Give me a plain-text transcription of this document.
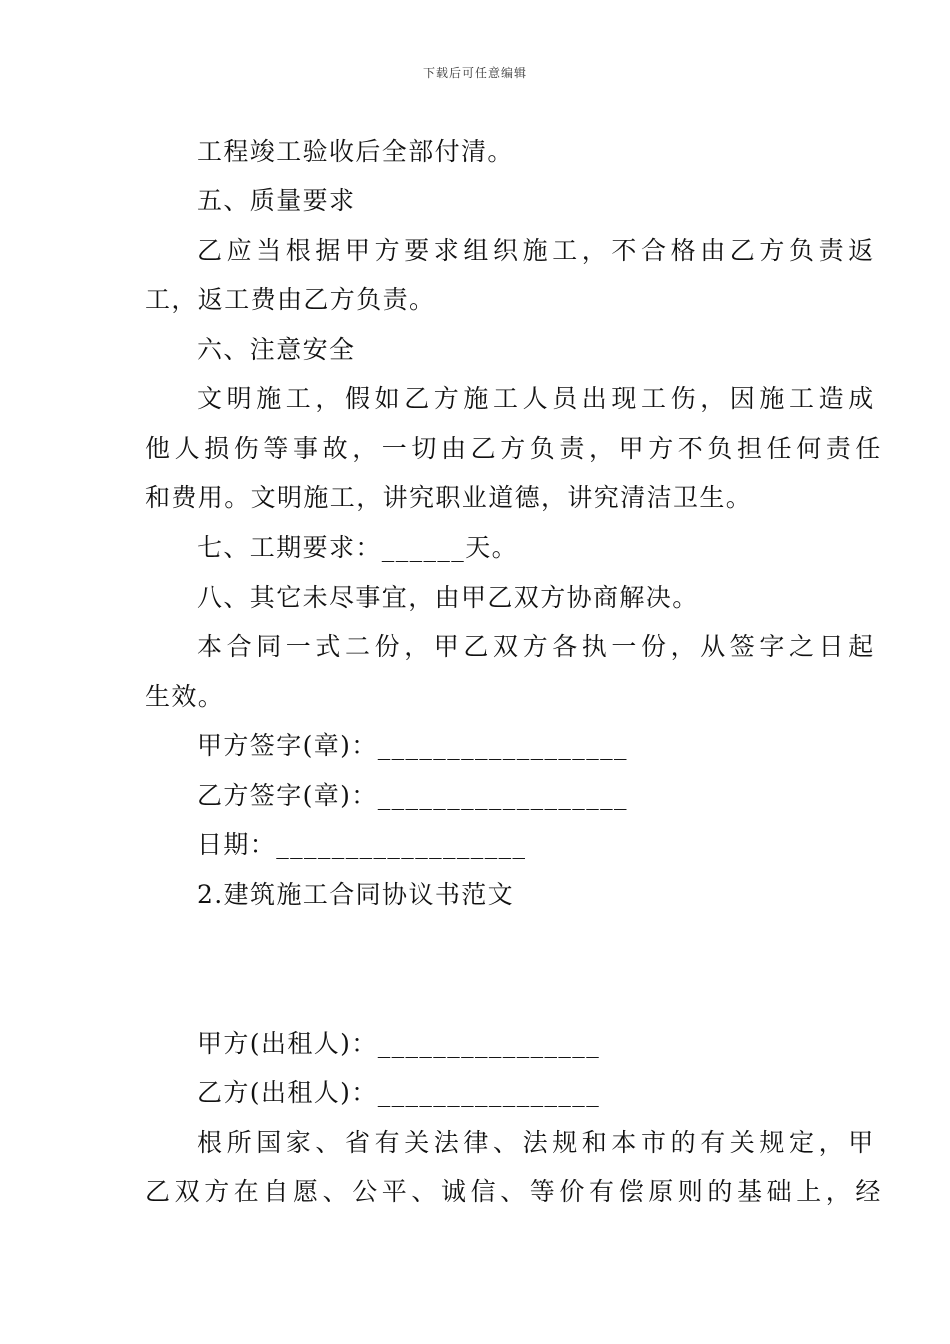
下载后可任意编辑
工程竣工验收后全部付清。
五、质量要求
乙应当根据甲方要求组织施工，不合格由乙方负责返
工，返工费由乙方负责。
六、注意安全
文明施工，假如乙方施工人员出现工伤，因施工造成
他人损伤等事故，一切由乙方负责，甲方不负担任何责任
和费用。文明施工，讲究职业道德，讲究清洁卫生。
七、工期要求：______天。
八、其它未尽事宜，由甲乙双方协商解决。
本合同一式二份，甲乙双方各执一份，从签字之日起
生效。
甲方签字(章)：__________________
乙方签字(章)：__________________
日期：__________________
2.建筑施工合同协议书范文
甲方(出租人)：________________
乙方(出租人)：________________
根所国家、省有关法律、法规和本市的有关规定，甲
乙双方在自愿、公平、诚信、等价有偿原则的基础上，经
